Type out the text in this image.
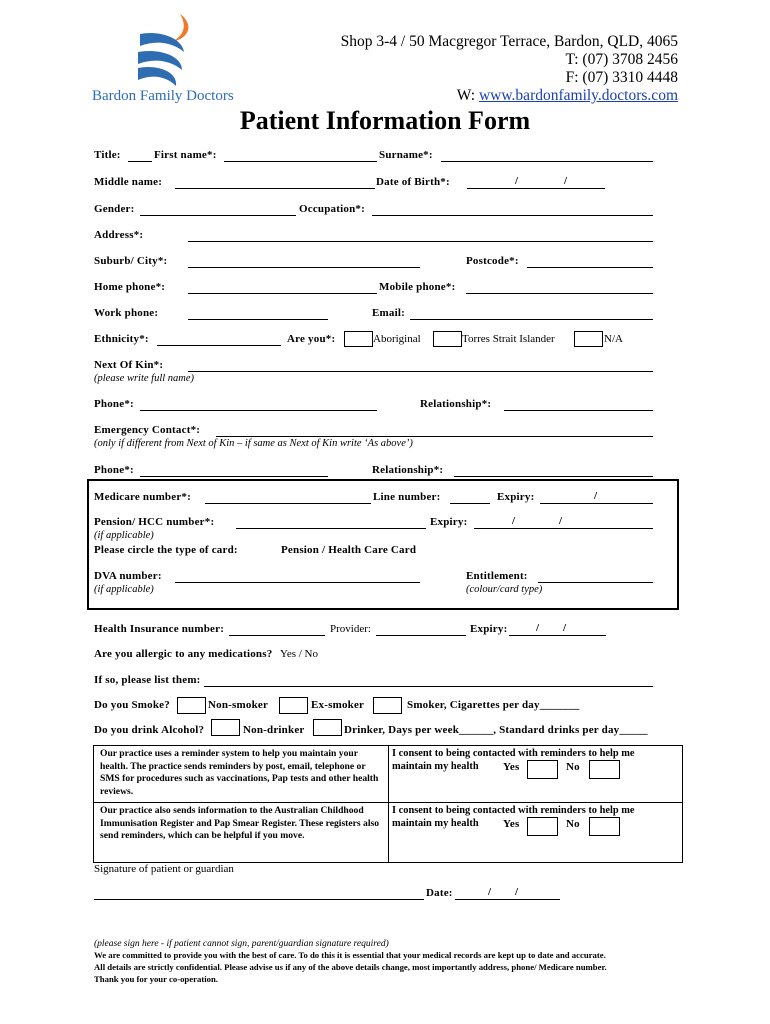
Bardon Family Doctors
Shop 3-4 / 50 Macgregor Terrace, Bardon, QLD, 4065
T: (07) 3708 2456
F: (07) 3310 4448
W: www.bardonfamily.doctors.com
Patient Information Form
Title:	First name*:	Surname*:
Middle name:	Date of Birth*:	/	/
Gender:	Occupation*:
Address*:
Suburb/ City*:	Postcode*:
Home phone*:	Mobile phone*:
Work phone:	Email:
Ethnicity*:	Are you*:	Aboriginal	Torres Strait Islander	N/A
Next Of Kin*:
(please write full name)
Phone*:	Relationship*:
Emergency Contact*:
(only if different from Next of Kin – if same as Next of Kin write ‘As above’)
Phone*:	Relationship*:
Medicare number*:	Line number:	Expiry:	/
Pension/ HCC number*:	Expiry:	/	/
(if applicable)
Please circle the type of card:	Pension / Health Care Card
DVA number:
(if applicable)
Entitlement:
(colour/card type)
Health Insurance number:	Provider:	Expiry:	/ /
Are you allergic to any medications? Yes / No
If so, please list them:
Do you Smoke?	Non-smoker	Ex-smoker	Smoker, Cigarettes per day_______
Do you drink Alcohol?	Non-drinker	Drinker, Days per week______, Standard drinks per day_____
Our practice uses a reminder system to help you maintain your health. The practice sends reminders by post, email, telephone or SMS for procedures such as vaccinations, Pap tests and other health reviews.
I consent to being contacted with reminders to help me maintain my health	Yes	No
Our practice also sends information to the Australian Childhood Immunisation Register and Pap Smear Register. These registers also send reminders, which can be helpful if you move.
I consent to being contacted with reminders to help me maintain my health	Yes	No
Signature of patient or guardian
Date:	/ /
(please sign here - if patient cannot sign, parent/guardian signature required)
We are committed to provide you with the best of care. To do this it is essential that your medical records are kept up to date and accurate.
All details are strictly confidential. Please advise us if any of the above details change, most importantly address, phone/ Medicare number.
Thank you for your co-operation.
